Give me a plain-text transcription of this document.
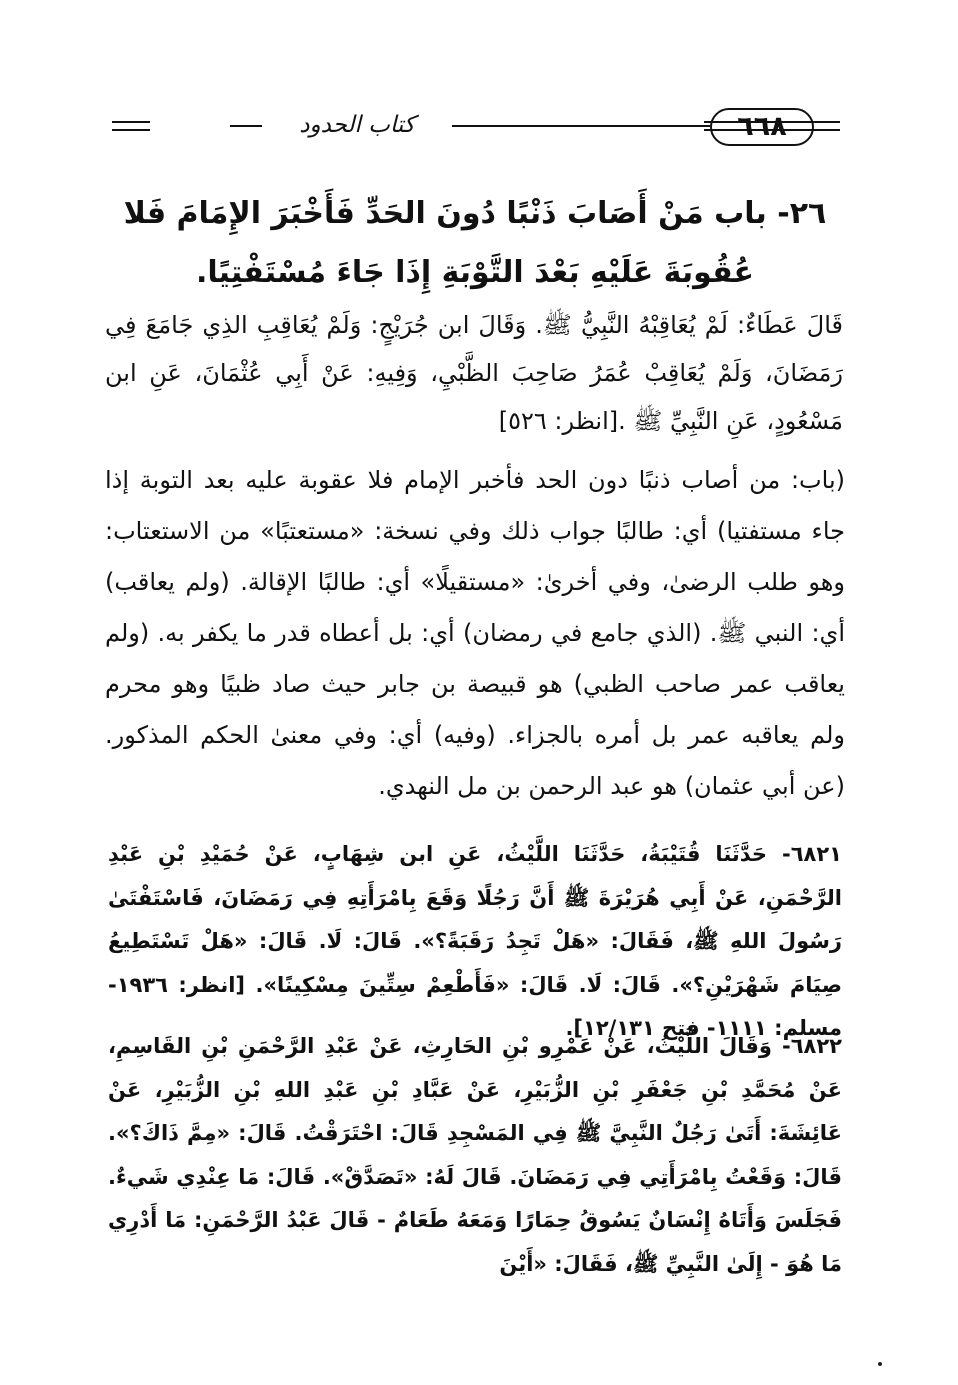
٦٦٨
كتاب الحدود
٢٦- باب مَنْ أَصَابَ ذَنْبًا دُونَ الحَدِّ فَأَخْبَرَ الإِمَامَ فَلا عُقُوبَةَ عَلَيْهِ بَعْدَ التَّوْبَةِ إِذَا جَاءَ مُسْتَفْتِيًا.
قَالَ عَطَاءٌ: لَمْ يُعَاقِبْهُ النَّبِيُّ ﷺ. وَقَالَ ابن جُرَيْجٍ: وَلَمْ يُعَاقِبِ الذِي جَامَعَ فِي رَمَضَانَ، وَلَمْ يُعَاقِبْ عُمَرُ صَاحِبَ الظَّبْيِ، وَفِيهِ: عَنْ أَبِي عُثْمَانَ، عَنِ ابن مَسْعُودٍ، عَنِ النَّبِيِّ ﷺ .[انظر: ٥٢٦]
(باب: من أصاب ذنبًا دون الحد فأخبر الإمام فلا عقوبة عليه بعد التوبة إذا جاء مستفتيا) أي: طالبًا جواب ذلك وفي نسخة: «مستعتبًا» من الاستعتاب: وهو طلب الرضىٰ، وفي أخرىٰ: «مستقيلًا» أي: طالبًا الإقالة. (ولم يعاقب) أي: النبي ﷺ. (الذي جامع في رمضان) أي: بل أعطاه قدر ما يكفر به. (ولم يعاقب عمر صاحب الظبي) هو قبيصة بن جابر حيث صاد ظبيًا وهو محرم ولم يعاقبه عمر بل أمره بالجزاء. (وفيه) أي: وفي معنىٰ الحكم المذكور. (عن أبي عثمان) هو عبد الرحمن بن مل النهدي.
٦٨٢١- حَدَّثَنَا قُتَيْبَةُ، حَدَّثَنَا اللَّيْثُ، عَنِ ابن شِهَابٍ، عَنْ حُمَيْدِ بْنِ عَبْدِ الرَّحْمَنِ، عَنْ أَبِي هُرَيْرَةَ ﷺ أَنَّ رَجُلًا وَقَعَ بِامْرَأَتِهِ فِي رَمَضَانَ، فَاسْتَفْتَىٰ رَسُولَ اللهِ ﷺ، فَقَالَ: «هَلْ تَجِدُ رَقَبَةً؟». قَالَ: لَا. قَالَ: «هَلْ تَسْتَطِيعُ صِيَامَ شَهْرَيْنِ؟». قَالَ: لَا. قَالَ: «فَأَطْعِمْ سِتِّينَ مِسْكِينًا». [انظر: ١٩٣٦- مسلم: ١١١١- فتح ١٢/١٣١].
٦٨٢٢- وَقَالَ اللَّيْثُ، عَنْ عَمْرِو بْنِ الحَارِثِ، عَنْ عَبْدِ الرَّحْمَنِ بْنِ القَاسِمِ، عَنْ مُحَمَّدِ بْنِ جَعْفَرِ بْنِ الزُّبَيْرِ، عَنْ عَبَّادِ بْنِ عَبْدِ اللهِ بْنِ الزُّبَيْرِ، عَنْ عَائِشَةَ: أَتَىٰ رَجُلٌ النَّبِيَّ ﷺ فِي المَسْجِدِ قَالَ: احْتَرَقْتُ. قَالَ: «مِمَّ ذَاكَ؟». قَالَ: وَقَعْتُ بِامْرَأَتِي فِي رَمَضَانَ. قَالَ لَهُ: «تَصَدَّقْ». قَالَ: مَا عِنْدِي شَيءٌ. فَجَلَسَ وَأَتَاهُ إِنْسَانٌ يَسُوقُ حِمَارًا وَمَعَهُ طَعَامٌ - قَالَ عَبْدُ الرَّحْمَنِ: مَا أَدْرِي مَا هُوَ - إِلَىٰ النَّبِيِّ ﷺ، فَقَالَ: «أَيْنَ
